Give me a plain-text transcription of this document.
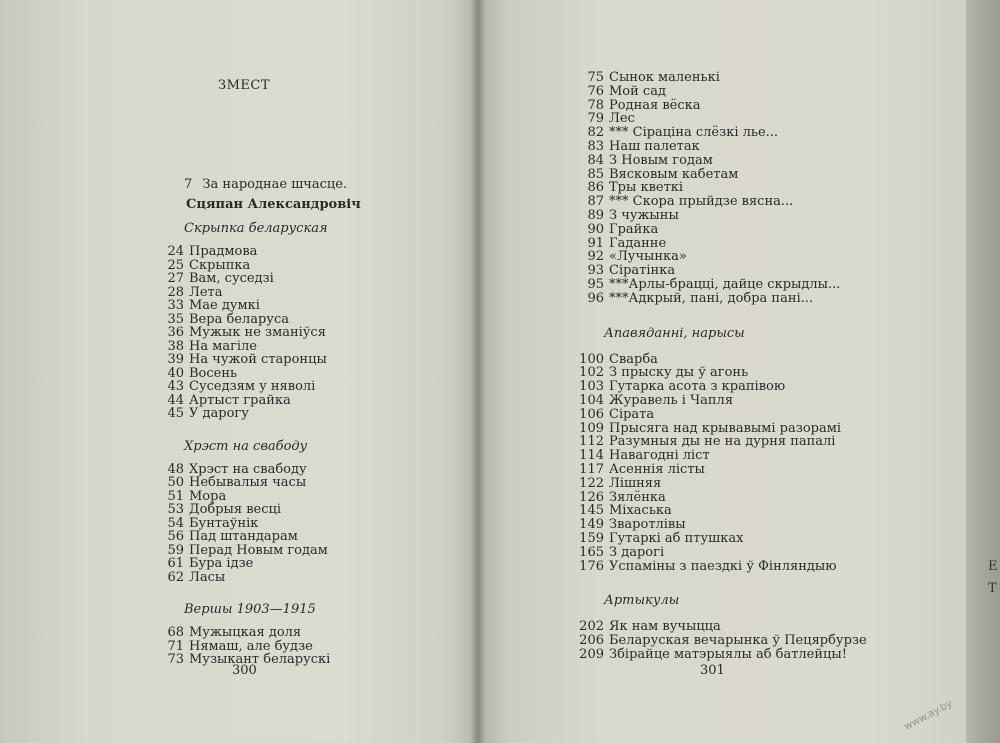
ЗМЕСТ
7 За народнае шчасце.
Сцяпан Александровіч
Скрыпка беларуская
24 Прадмова
25 Скрыпка
27 Вам, суседзі
28 Лета
33 Мае думкі
35 Вера беларуса
36 Мужык не зманіўся
38 На магіле
39 На чужой старонцы
40 Восень
43 Суседзям у няволі
44 Артыст грайка
45 У дарогу
Хрэст на свабоду
48 Хрэст на свабоду
50 Небывалыя часы
51 Мора
53 Добрыя весці
54 Бунтаўнік
56 Пад штандарам
59 Перад Новым годам
61 Бура ідзе
62 Ласы
Вершы 1903—1915
68 Мужыцкая доля
71 Нямаш, але будзе
73 Музыкант беларускі
300
75 Сынок маленькі
76 Мой сад
78 Родная вёска
79 Лес
82 *** Сірацiна слёзкі лье...
83 Наш палетак
84 З Новым годам
85 Вясковым кабетам
86 Тры кветкі
87 *** Скора прыйдзе вясна...
89 З чужыны
90 Грайка
91 Гаданне
92 «Лучынка»
93 Сіратiнка
95 ***Арлы-брацці, дайце скрыдлы...
96 ***Адкрый, пані, добра пані...
Апавяданні, нарысы
100 Сварба
102 З прыску ды ў агонь
103 Гутарка асота з крапівою
104 Журавель і Чапля
106 Сірата
109 Прысяга над крывавымі разорамі
112 Разумныя ды не на дурня папалі
114 Навагодні ліст
117 Асеннія лісты
122 Лішняя
126 Зялёнка
145 Міхаська
149 Зваротлівы
159 Гутаркі аб птушках
165 З дарогі
176 Успаміны з паездкі ў Фінляндыю
Артыкулы
202 Як нам вучыцца
206 Беларуская вечарынка ў Пецярбурзе
209 Збірайце матэрыялы аб батлейцы!
301
Е
Т
www.ay.by
